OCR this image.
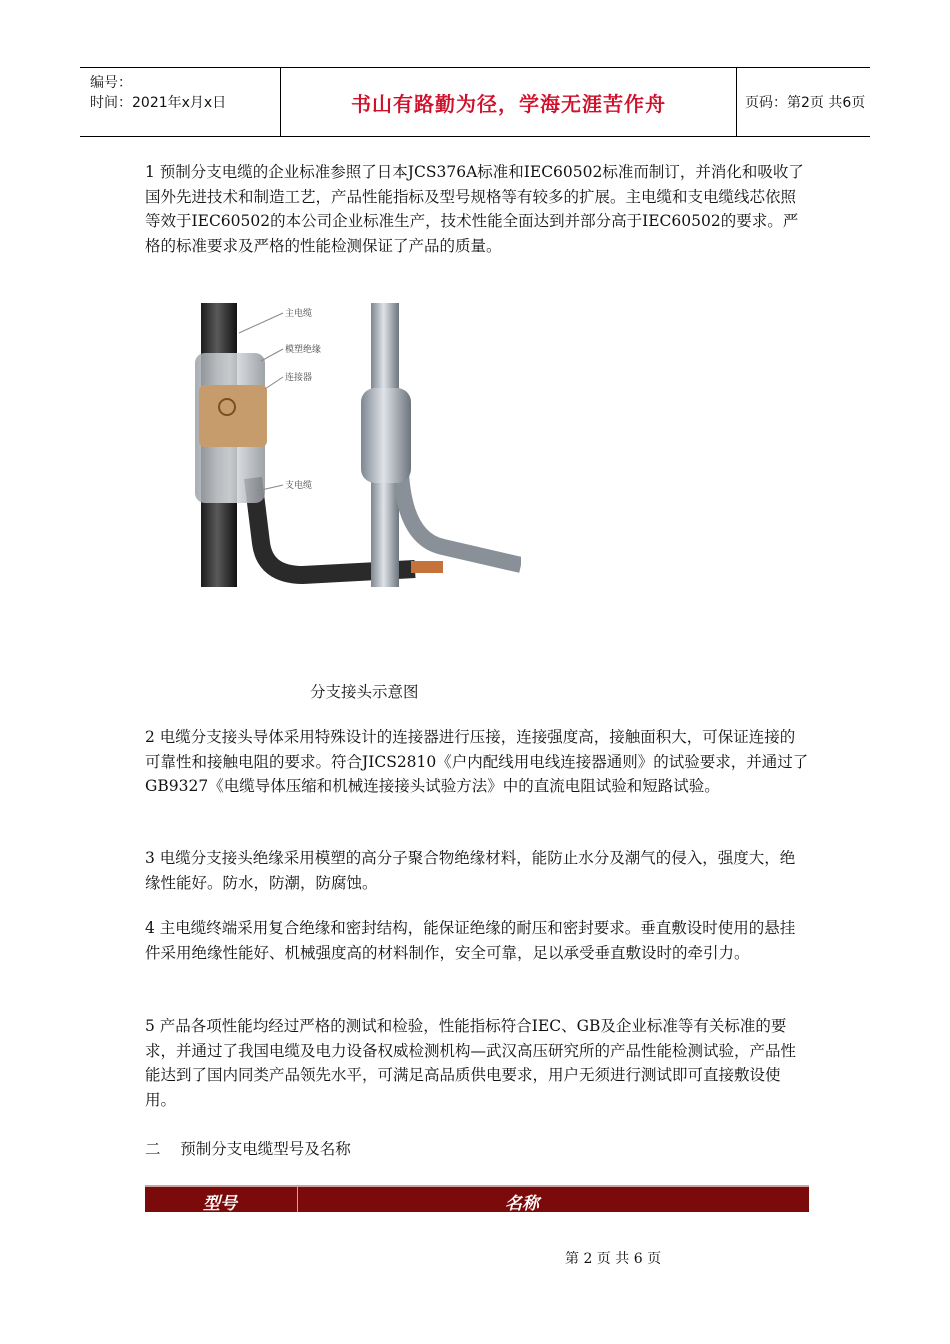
编号：
时间：2021年x月x日	书山有路勤为径，学海无涯苦作舟	页码：第2页 共6页
1 预制分支电缆的企业标准参照了日本JCS376A标准和IEC60502标准而制订，并消化和吸收了国外先进技术和制造工艺，产品性能指标及型号规格等有较多的扩展。主电缆和支电缆线芯依照等效于IEC60502的本公司企业标准生产，技术性能全面达到并部分高于IEC60502的要求。严格的标准要求及严格的性能检测保证了产品的质量。
主电缆
模塑绝缘
连接器
支电缆
分支接头示意图
2 电缆分支接头导体采用特殊设计的连接器进行压接，连接强度高，接触面积大，可保证连接的可靠性和接触电阻的要求。符合JICS2810《户内配线用电线连接器通则》的试验要求，并通过了GB9327《电缆导体压缩和机械连接接头试验方法》中的直流电阻试验和短路试验。
3 电缆分支接头绝缘采用模塑的高分子聚合物绝缘材料，能防止水分及潮气的侵入，强度大，绝缘性能好。防水，防潮，防腐蚀。
4 主电缆终端采用复合绝缘和密封结构，能保证绝缘的耐压和密封要求。垂直敷设时使用的悬挂件采用绝缘性能好、机械强度高的材料制作，安全可靠，足以承受垂直敷设时的牵引力。
5 产品各项性能均经过严格的测试和检验，性能指标符合IEC、GB及企业标准等有关标准的要求，并通过了我国电缆及电力设备权威检测机构—武汉高压研究所的产品性能检测试验，产品性能达到了国内同类产品领先水平，可满足高品质供电要求，用户无须进行测试即可直接敷设使用。
二    预制分支电缆型号及名称
型号	名称
第 2 页 共 6 页
